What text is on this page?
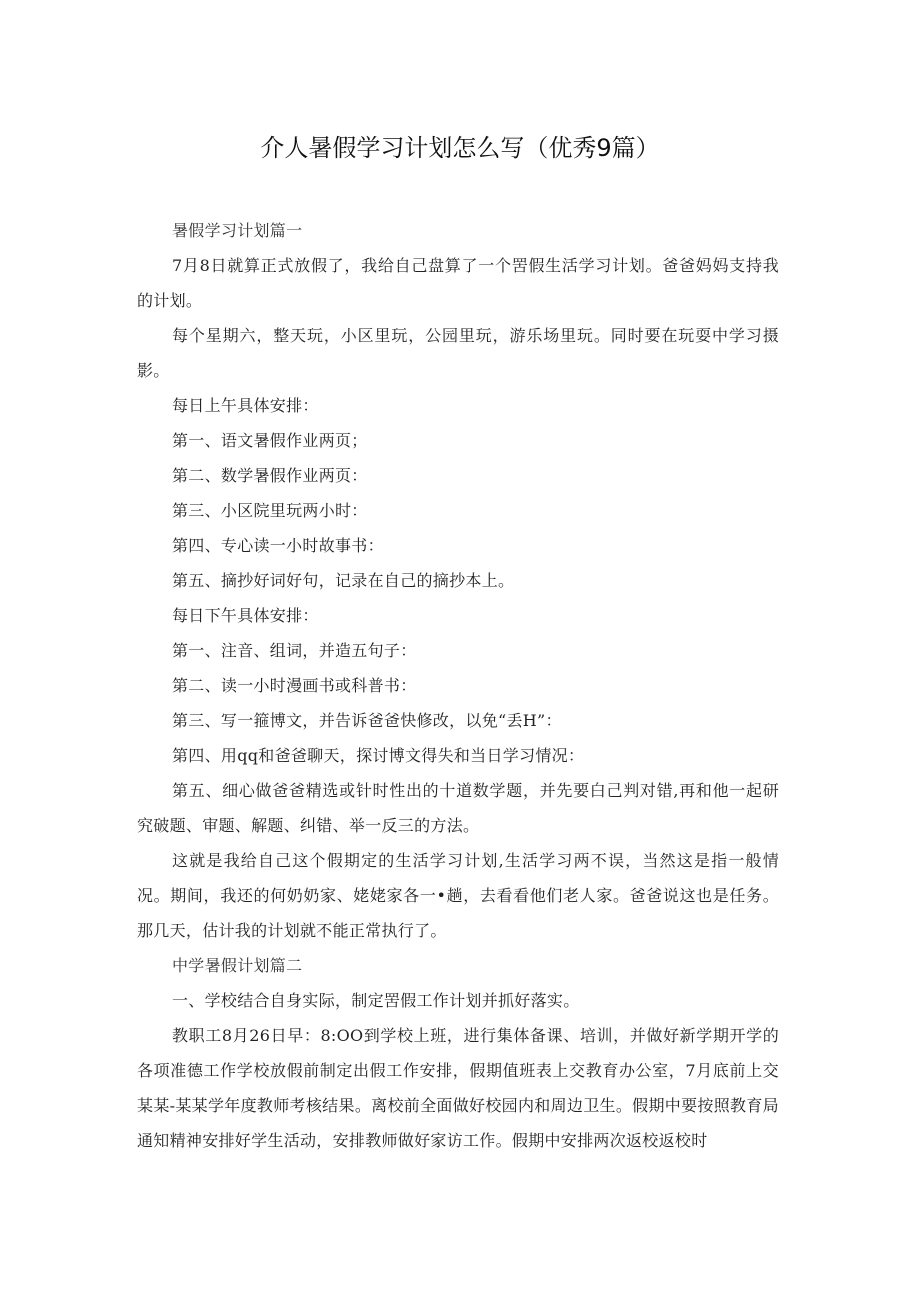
介人暑假学习计划怎么写（优秀9篇）

暑假学习计划篇一

7月8日就算正式放假了，我给自己盘算了一个罟假生活学习计划。爸爸妈妈支持我的计划。

每个星期六，整天玩，小区里玩，公园里玩，游乐场里玩。同时要在玩耍中学习摄影。

每日上午具体安排：

第一、语文暑假作业两页；

第二、数学暑假作业两页：

第三、小区院里玩两小时：

第四、专心读一小时故事书：

第五、摘抄好词好句，记录在自己的摘抄本上。

每日下午具体安排：

第一、注音、组词，并造五句子：

第二、读一小时漫画书或科普书：

第三、写一箍博文，并告诉爸爸快修改，以免“丢H”：

第四、用qq和爸爸聊天，探讨博文得失和当日学习情况：

第五、细心做爸爸精选或针时性出的十道数学题，并先要白己判对错,再和他一起研究破题、审题、解题、纠错、举一反三的方法。

这就是我给自己这个假期定的生活学习计划,生活学习两不误，当然这是指一般情况。期间，我还的何奶奶家、姥姥家各一•趟，去看看他们老人家。爸爸说这也是任务。那几天，估计我的计划就不能正常执行了。

中学暑假计划篇二

一、学校结合自身实际，制定罟假工作计划并抓好落实。

教职工8月26日早：8:OO到学校上班，进行集体备课、培训，并做好新学期开学的各项准德工作学校放假前制定出假工作安排，假期值班表上交教育办公室，7月底前上交某某-某某学年度教师考核结果。离校前全面做好校园内和周边卫生。假期中要按照教育局通知精神安排好学生活动，安排教师做好家访工作。假期中安排两次返校返校时
